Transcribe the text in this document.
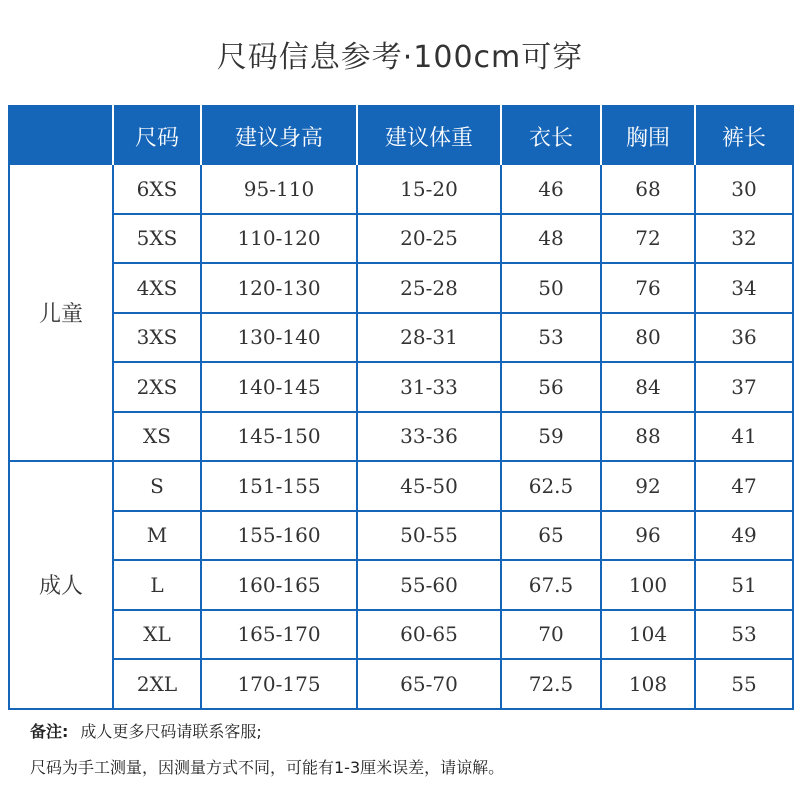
尺码信息参考·100cm可穿
	尺码	建议身高	建议体重	衣长	胸围	裤长
儿童	6XS	95-110	15-20	46	68	30
	5XS	110-120	20-25	48	72	32
	4XS	120-130	25-28	50	76	34
	3XS	130-140	28-31	53	80	36
	2XS	140-145	31-33	56	84	37
	XS	145-150	33-36	59	88	41
成人	S	151-155	45-50	62.5	92	47
	M	155-160	50-55	65	96	49
	L	160-165	55-60	67.5	100	51
	XL	165-170	60-65	70	104	53
	2XL	170-175	65-70	72.5	108	55
备注: 成人更多尺码请联系客服;
尺码为手工测量，因测量方式不同，可能有1-3厘米误差，请谅解。
